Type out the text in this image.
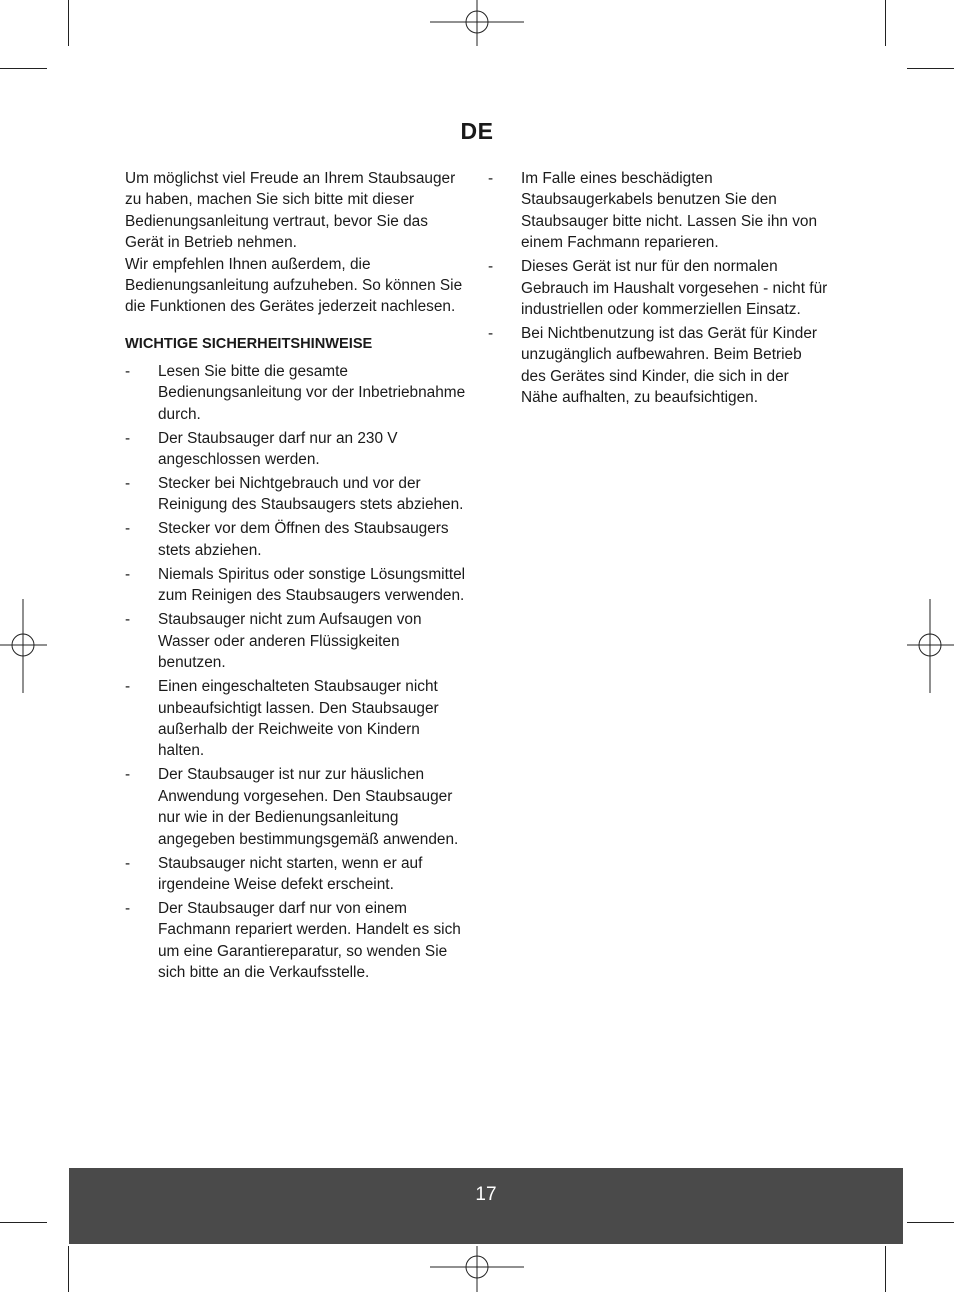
DE

Um möglichst viel Freude an Ihrem Staubsauger zu haben, machen Sie sich bitte mit dieser Bedienungsanleitung vertraut, bevor Sie das Gerät in Betrieb nehmen.

Wir empfehlen Ihnen außerdem, die Bedienungsanleitung aufzuheben. So können Sie die Funktionen des Gerätes jederzeit nachlesen.

WICHTIGE SICHERHEITSHINWEISE
- Lesen Sie bitte die gesamte Bedienungsanleitung vor der Inbetriebnahme durch.
- Der Staubsauger darf nur an 230 V angeschlossen werden.
- Stecker bei Nichtgebrauch und vor der Reinigung des Staubsaugers stets abziehen.
- Stecker vor dem Öffnen des Staubsaugers stets abziehen.
- Niemals Spiritus oder sonstige Lösungsmittel zum Reinigen des Staubsaugers verwenden.
- Staubsauger nicht zum Aufsaugen von Wasser oder anderen Flüssigkeiten benutzen.
- Einen eingeschalteten Staubsauger nicht unbeaufsichtigt lassen. Den Staubsauger außerhalb der Reichweite von Kindern halten.
- Der Staubsauger ist nur zur häuslichen Anwendung vorgesehen. Den Staubsauger nur wie in der Bedienungsanleitung angegeben bestimmungsgemäß anwenden.
- Staubsauger nicht starten, wenn er auf irgendeine Weise defekt erscheint.
- Der Staubsauger darf nur von einem Fachmann repariert werden. Handelt es sich um eine Garantiereparatur, so wenden Sie sich bitte an die Verkaufsstelle.
- Im Falle eines beschädigten Staubsaugerkabels benutzen Sie den Staubsauger bitte nicht. Lassen Sie ihn von einem Fachmann reparieren.
- Dieses Gerät ist nur für den normalen Gebrauch im Haushalt vorgesehen - nicht für industriellen oder kommerziellen Einsatz.
- Bei Nichtbenutzung ist das Gerät für Kinder unzugänglich aufbewahren. Beim Betrieb des Gerätes sind Kinder, die sich in der Nähe aufhalten, zu beaufsichtigen.
17
